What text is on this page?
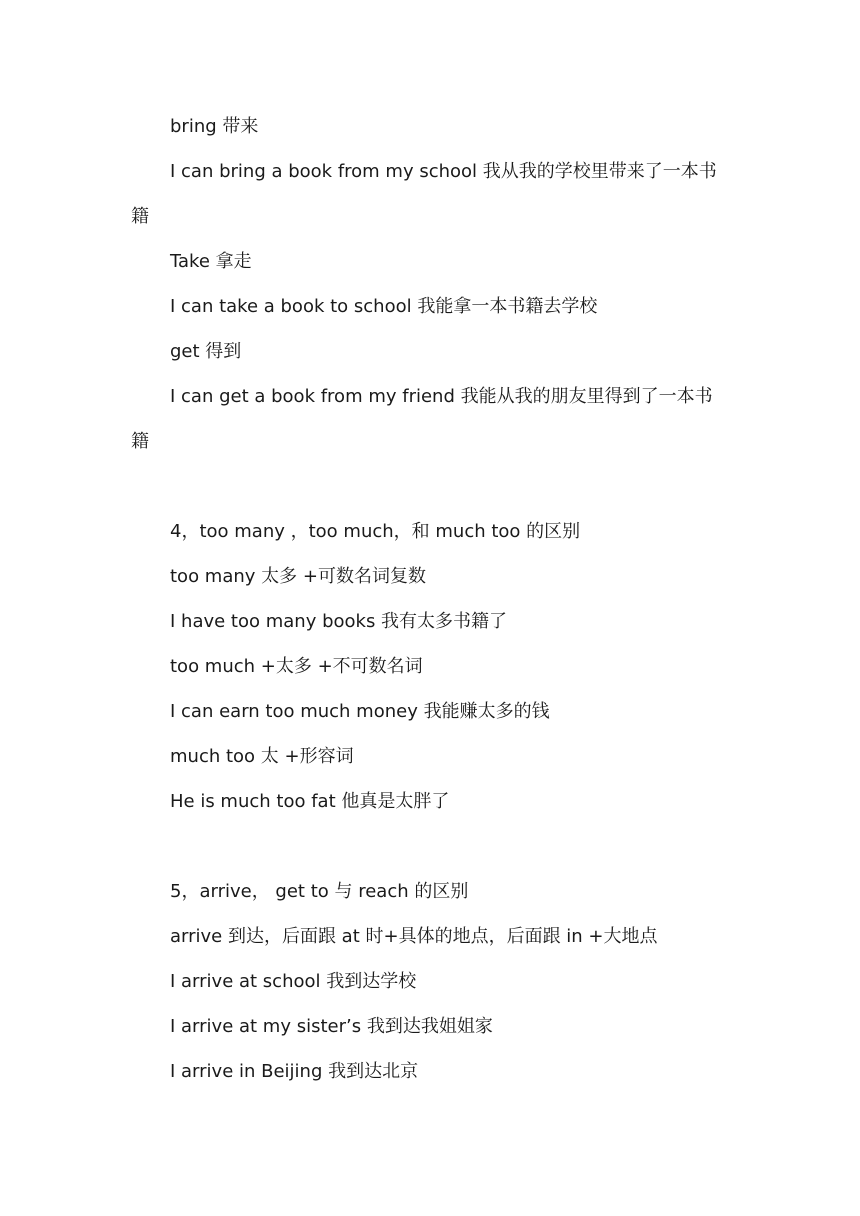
bring 带来
I can bring a book from my school 我从我的学校里带来了一本书
籍
Take 拿走
I can take a book to school 我能拿一本书籍去学校
get 得到
I can get a book from my friend 我能从我的朋友里得到了一本书
籍
4，too many ，too much，和 much too 的区别
too many 太多 +可数名词复数
I have too many books 我有太多书籍了
too much +太多 +不可数名词
I can earn too much money 我能赚太多的钱
much too 太 +形容词
He is much too fat 他真是太胖了
5，arrive， get to 与 reach 的区别
arrive 到达，后面跟 at 时+具体的地点，后面跟 in +大地点
I arrive at school 我到达学校
I arrive at my sister’s 我到达我姐姐家
I arrive in Beijing 我到达北京
